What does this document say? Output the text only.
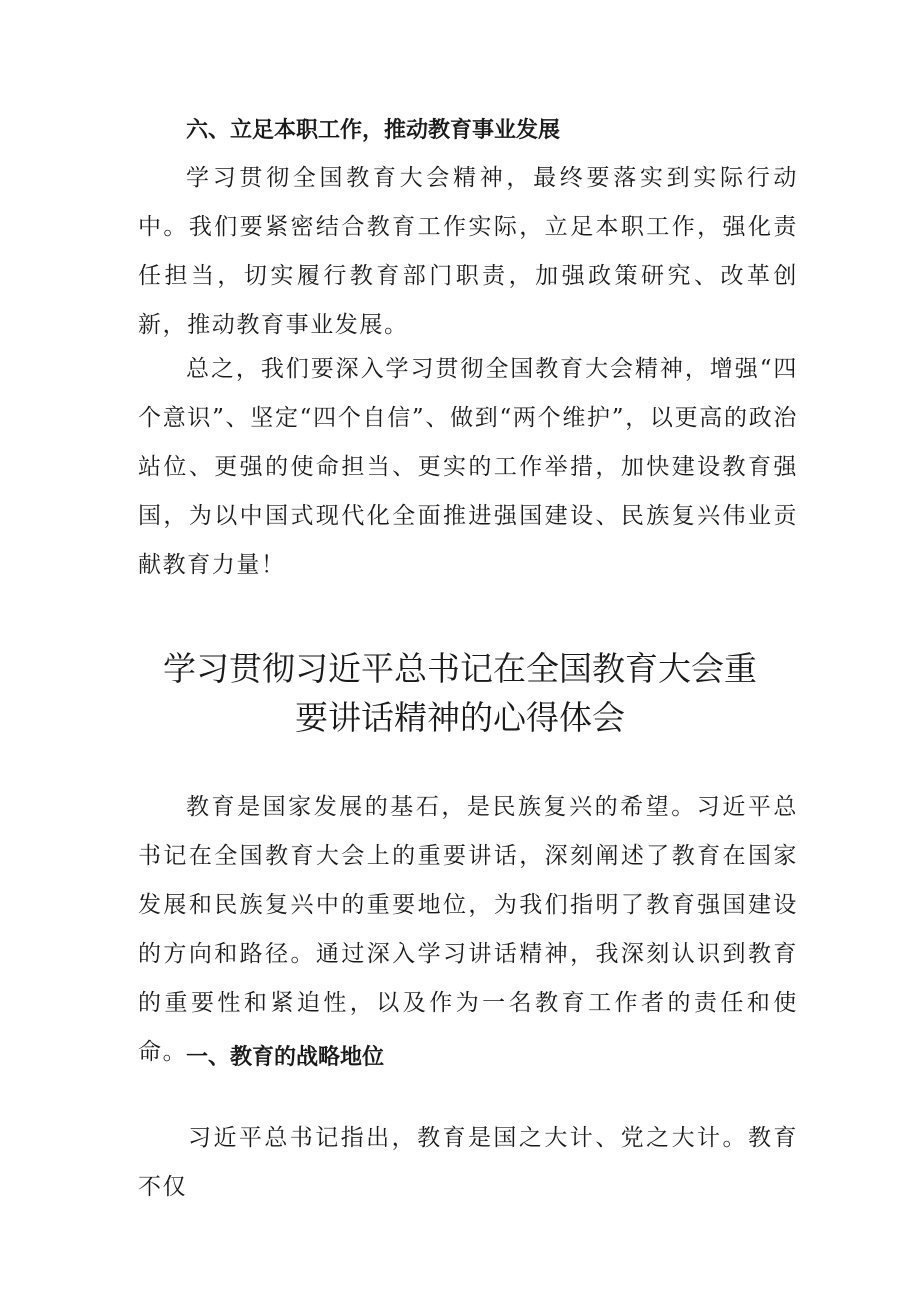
六、立足本职工作，推动教育事业发展

学习贯彻全国教育大会精神，最终要落实到实际行动中。我们要紧密结合教育工作实际，立足本职工作，强化责任担当，切实履行教育部门职责，加强政策研究、改革创新，推动教育事业发展。

总之，我们要深入学习贯彻全国教育大会精神，增强“四个意识”、坚定“四个自信”、做到“两个维护”，以更高的政治站位、更强的使命担当、更实的工作举措，加快建设教育强国，为以中国式现代化全面推进强国建设、民族复兴伟业贡献教育力量！

学习贯彻习近平总书记在全国教育大会重
要讲话精神的心得体会

教育是国家发展的基石，是民族复兴的希望。习近平总书记在全国教育大会上的重要讲话，深刻阐述了教育在国家发展和民族复兴中的重要地位，为我们指明了教育强国建设的方向和路径。通过深入学习讲话精神，我深刻认识到教育的重要性和紧迫性，以及作为一名教育工作者的责任和使命。

一、教育的战略地位

习近平总书记指出，教育是国之大计、党之大计。教育不仅
